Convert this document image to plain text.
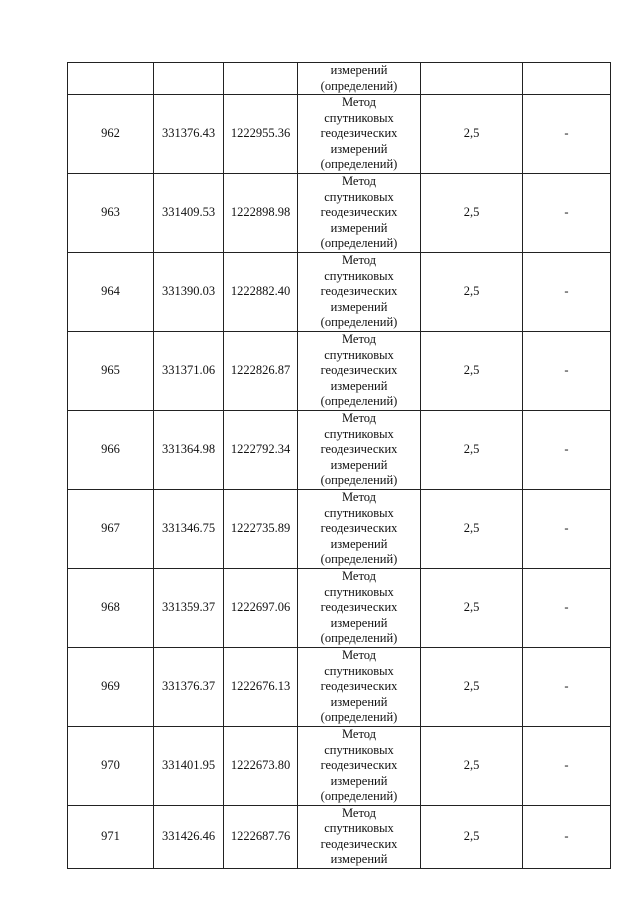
			измерений
(определений)		

962	331376.43	1222955.36	Метод
спутниковых
геодезических
измерений
(определений)	2,5	-
963	331409.53	1222898.98	Метод
спутниковых
геодезических
измерений
(определений)	2,5	-
964	331390.03	1222882.40	Метод
спутниковых
геодезических
измерений
(определений)	2,5	-
965	331371.06	1222826.87	Метод
спутниковых
геодезических
измерений
(определений)	2,5	-
966	331364.98	1222792.34	Метод
спутниковых
геодезических
измерений
(определений)	2,5	-
967	331346.75	1222735.89	Метод
спутниковых
геодезических
измерений
(определений)	2,5	-
968	331359.37	1222697.06	Метод
спутниковых
геодезических
измерений
(определений)	2,5	-
969	331376.37	1222676.13	Метод
спутниковых
геодезических
измерений
(определений)	2,5	-
970	331401.95	1222673.80	Метод
спутниковых
геодезических
измерений
(определений)	2,5	-
971	331426.46	1222687.76	Метод
спутниковых
геодезических
измерений	2,5	-
